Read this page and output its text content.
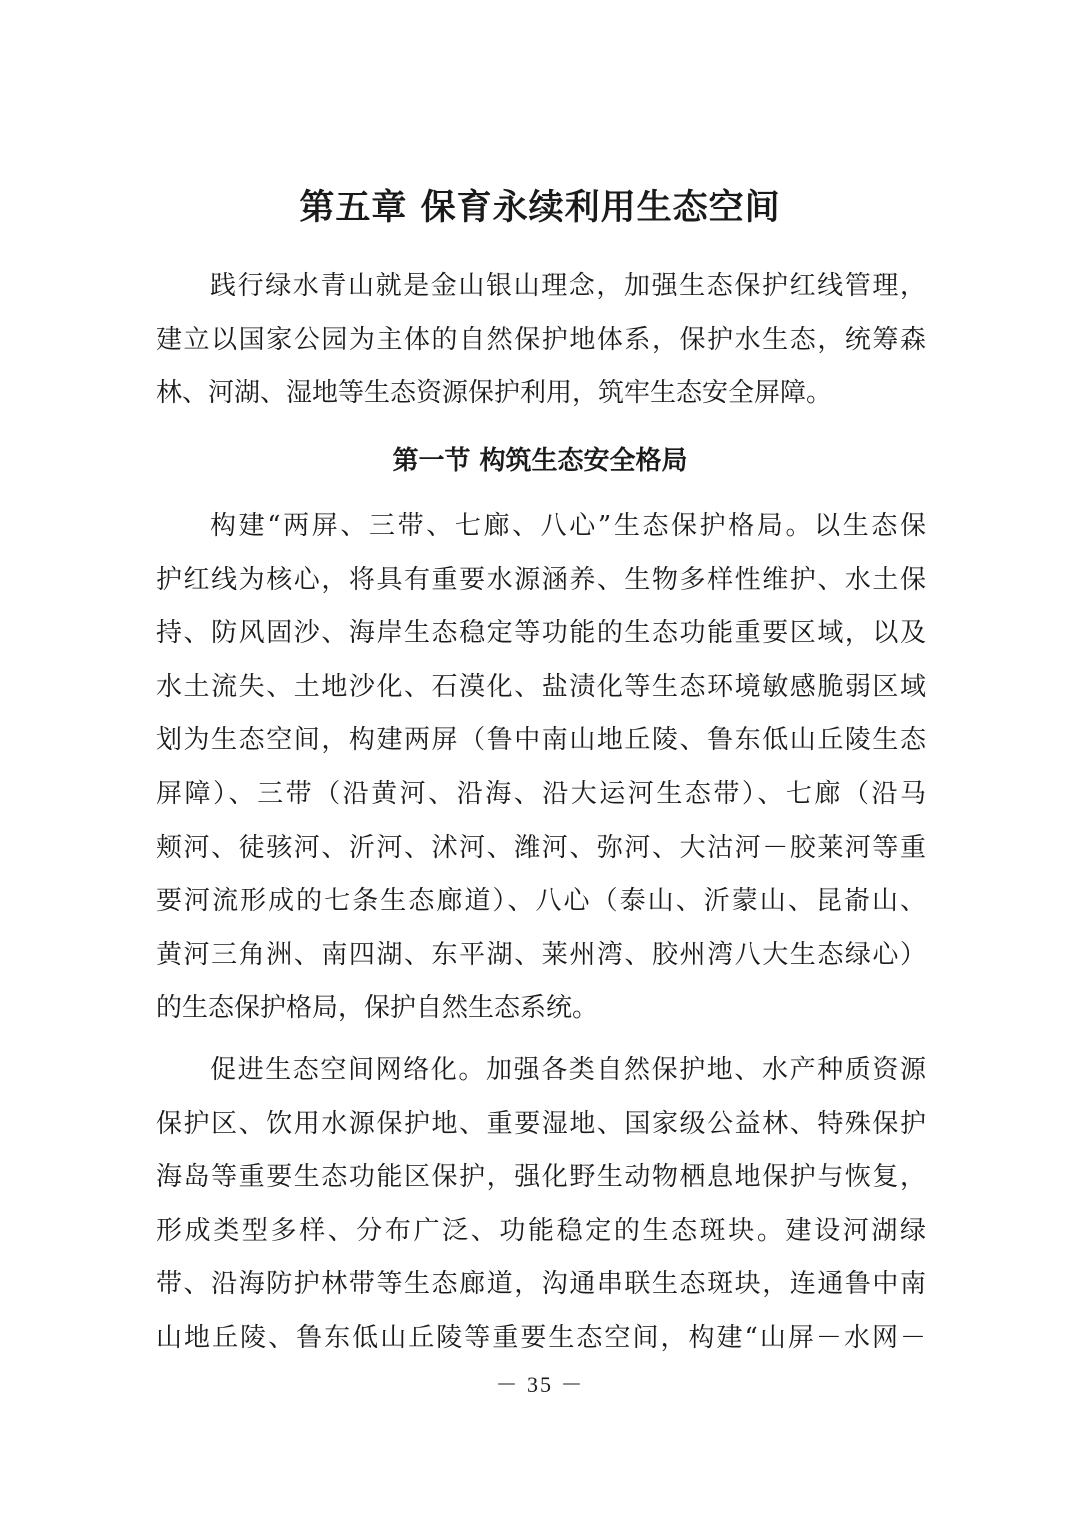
第五章 保育永续利用生态空间
践行绿水青山就是金山银山理念，加强生态保护红线管理，
建立以国家公园为主体的自然保护地体系，保护水生态，统筹森
林、河湖、湿地等生态资源保护利用，筑牢生态安全屏障。
第一节 构筑生态安全格局
构建“两屏、三带、七廊、八心”生态保护格局。以生态保
护红线为核心，将具有重要水源涵养、生物多样性维护、水土保
持、防风固沙、海岸生态稳定等功能的生态功能重要区域，以及
水土流失、土地沙化、石漠化、盐渍化等生态环境敏感脆弱区域
划为生态空间，构建两屏（鲁中南山地丘陵、鲁东低山丘陵生态
屏障）、三带（沿黄河、沿海、沿大运河生态带）、七廊（沿马
颊河、徒骇河、沂河、沭河、潍河、弥河、大沽河－胶莱河等重
要河流形成的七条生态廊道）、八心（泰山、沂蒙山、昆嵛山、
黄河三角洲、南四湖、东平湖、莱州湾、胶州湾八大生态绿心）
的生态保护格局，保护自然生态系统。
促进生态空间网络化。加强各类自然保护地、水产种质资源
保护区、饮用水源保护地、重要湿地、国家级公益林、特殊保护
海岛等重要生态功能区保护，强化野生动物栖息地保护与恢复，
形成类型多样、分布广泛、功能稳定的生态斑块。建设河湖绿
带、沿海防护林带等生态廊道，沟通串联生态斑块，连通鲁中南
山地丘陵、鲁东低山丘陵等重要生态空间，构建“山屏－水网－
－ 35 －
